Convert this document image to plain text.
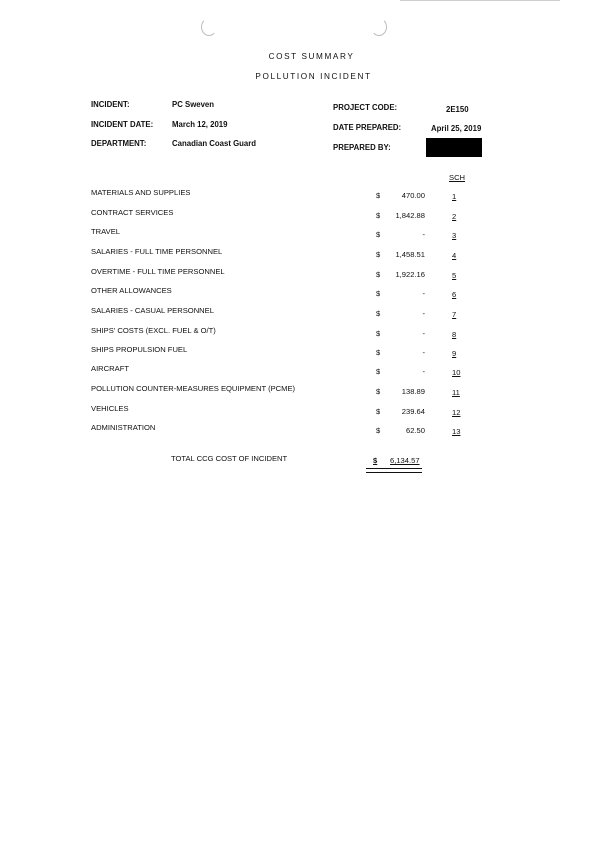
COST SUMMARY
POLLUTION INCIDENT
INCIDENT:	PC Sweven
INCIDENT DATE: March 12, 2019
DEPARTMENT:	Canadian Coast Guard
PROJECT CODE:	2E150
DATE PREPARED:	April 25, 2019
PREPARED BY:
SCH
MATERIALS AND SUPPLIES	$	470.00	1
CONTRACT SERVICES	$ 1,842.88	2
TRAVEL	$	-	3
SALARIES - FULL TIME PERSONNEL	$ 1,458.51	4
OVERTIME - FULL TIME PERSONNEL	$ 1,922.16	5
OTHER ALLOWANCES	$	-	6
SALARIES - CASUAL PERSONNEL	$	-	7
SHIPS' COSTS (EXCL. FUEL & O/T)	$	-	8
SHIPS PROPULSION FUEL	$	-	9
AIRCRAFT	$	-	10
POLLUTION COUNTER-MEASURES EQUIPMENT (PCME)	$	138.89	11
VEHICLES	$	239.64	12
ADMINISTRATION	$	62.50	13
TOTAL CCG COST OF INCIDENT	$ 6,134.57
